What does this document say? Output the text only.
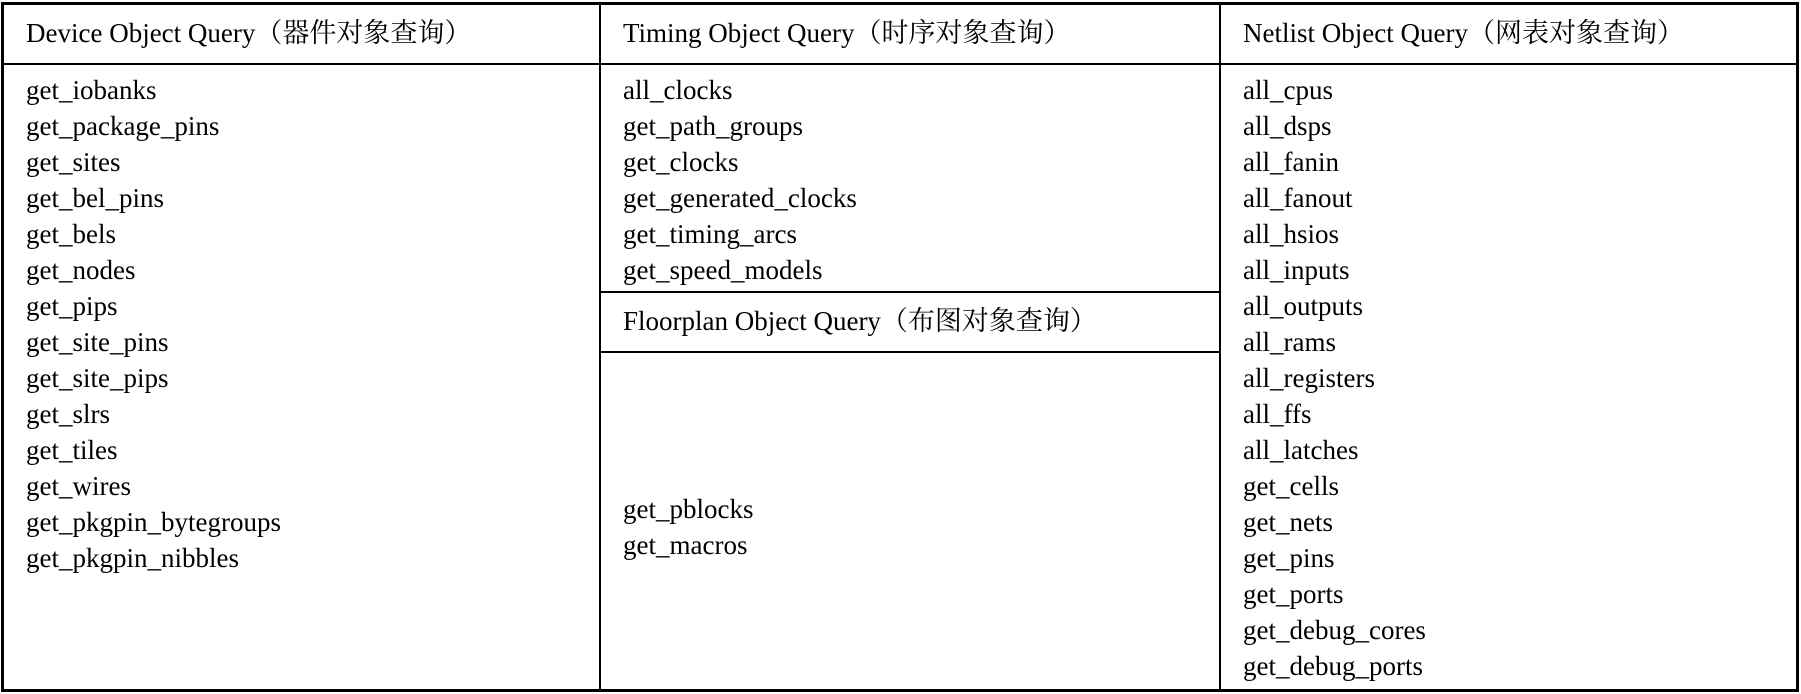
Device Object Query（器件对象查询）
get_iobanks
get_package_pins
get_sites
get_bel_pins
get_bels
get_nodes
get_pips
get_site_pins
get_site_pips
get_slrs
get_tiles
get_wires
get_pkgpin_bytegroups
get_pkgpin_nibbles
Timing Object Query（时序对象查询）
all_clocks
get_path_groups
get_clocks
get_generated_clocks
get_timing_arcs
get_speed_models
Floorplan Object Query（布图对象查询）
get_pblocks
get_macros
Netlist Object Query（网表对象查询）
all_cpus
all_dsps
all_fanin
all_fanout
all_hsios
all_inputs
all_outputs
all_rams
all_registers
all_ffs
all_latches
get_cells
get_nets
get_pins
get_ports
get_debug_cores
get_debug_ports
